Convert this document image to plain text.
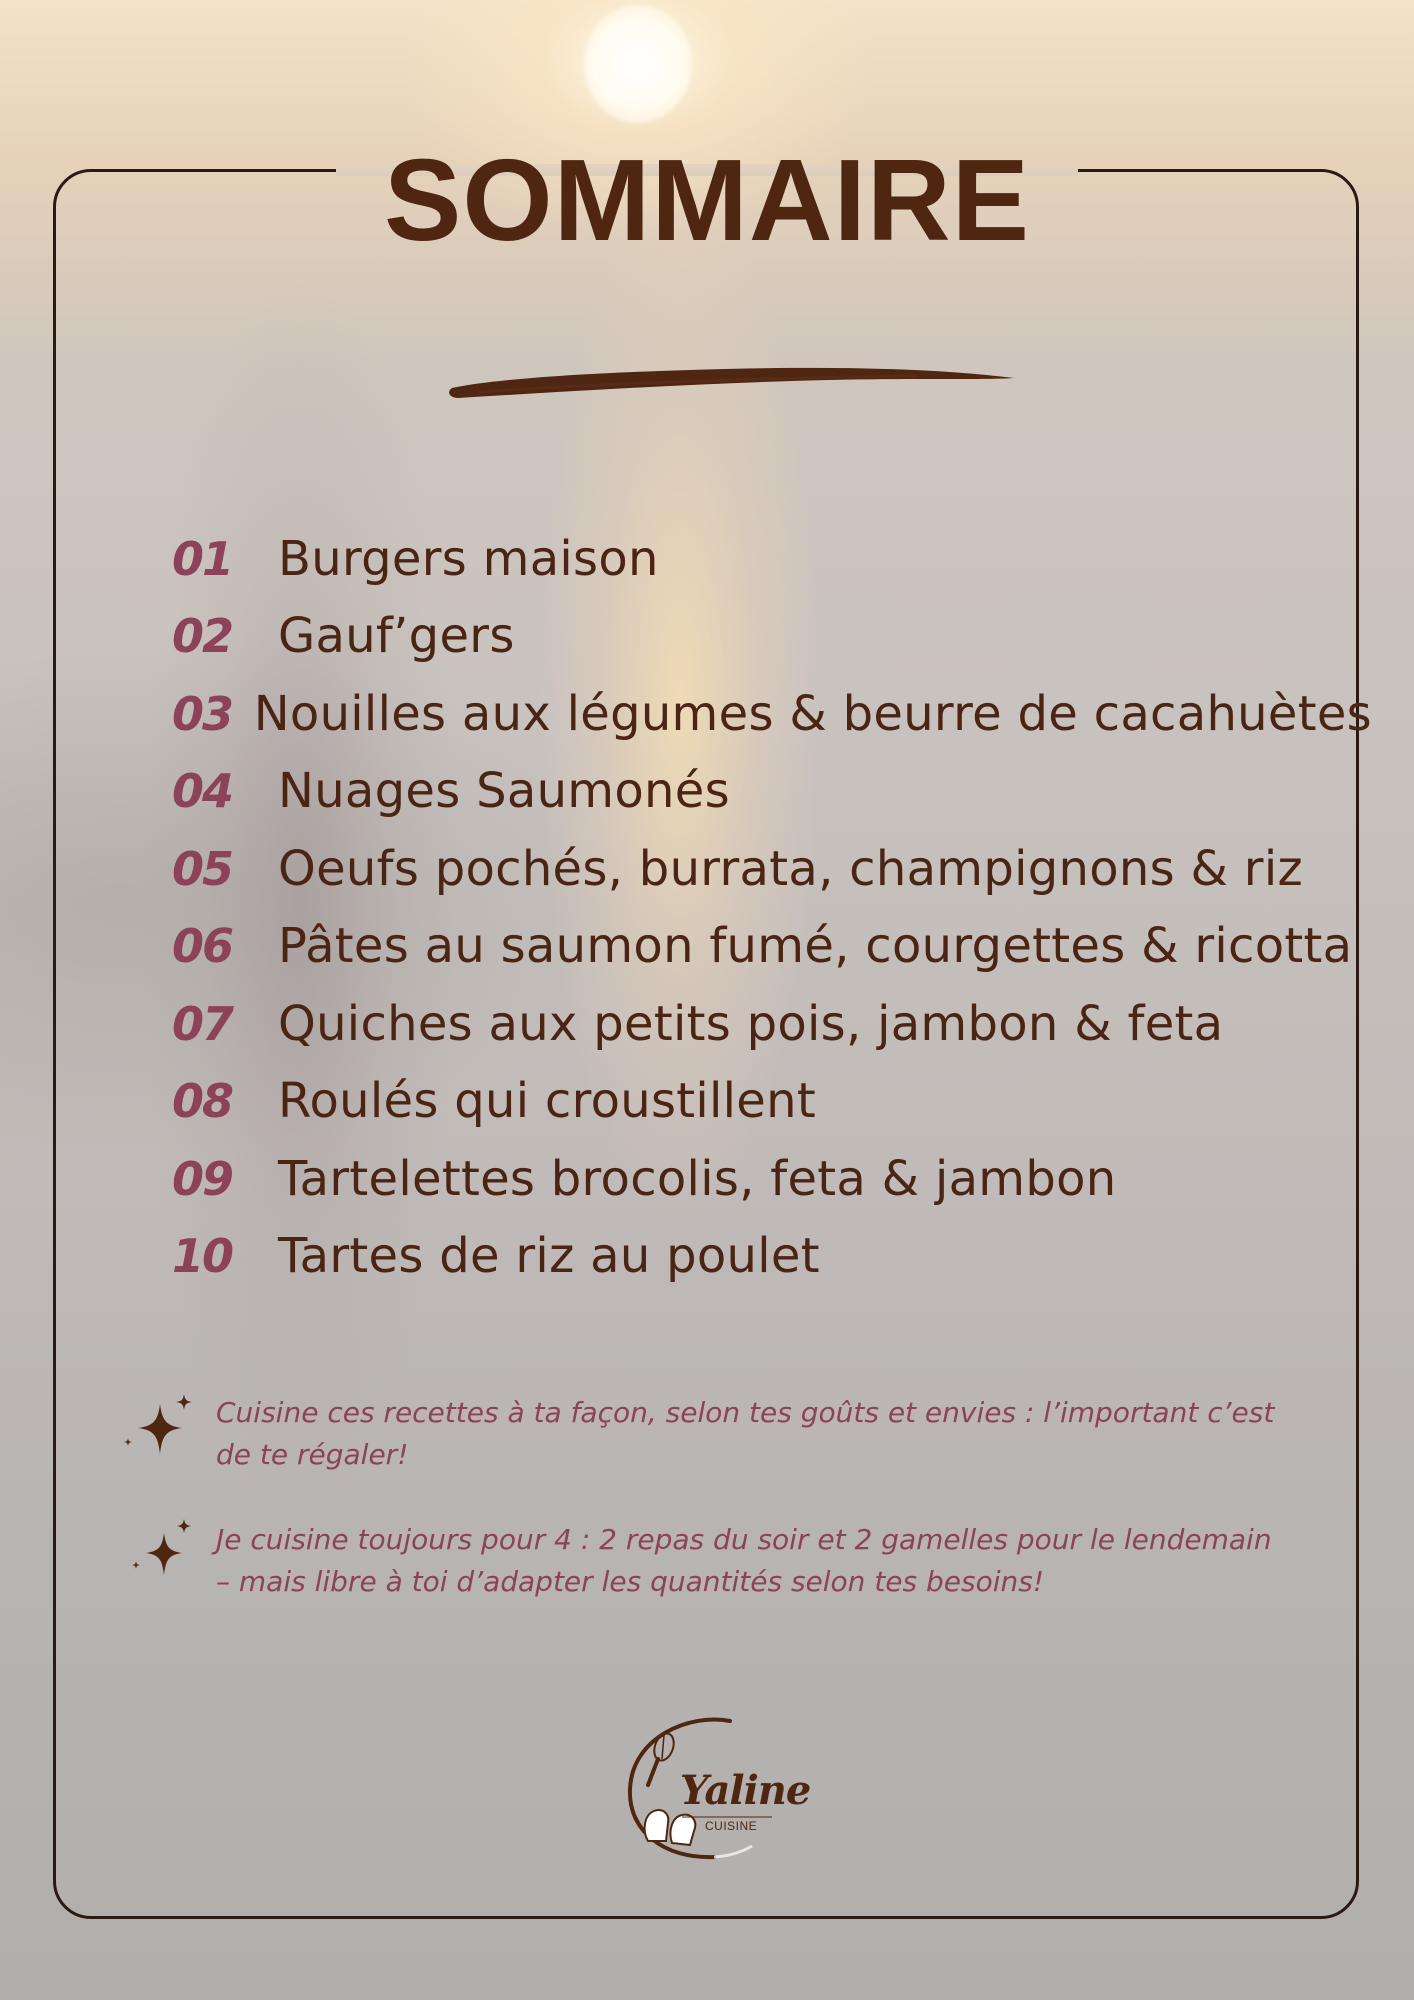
SOMMAIRE
01 Burgers maison
02 Gauf’gers
03 Nouilles aux légumes & beurre de cacahuètes
04 Nuages Saumonés
05 Oeufs pochés, burrata, champignons & riz
06 Pâtes au saumon fumé, courgettes & ricotta
07 Quiches aux petits pois, jambon & feta
08 Roulés qui croustillent
09 Tartelettes brocolis, feta & jambon
10 Tartes de riz au poulet

Cuisine ces recettes à ta façon, selon tes goûts et envies : l’important c’est de te régaler!

Je cuisine toujours pour 4 : 2 repas du soir et 2 gamelles pour le lendemain – mais libre à toi d’adapter les quantités selon tes besoins!

Yaline

CUISINE
